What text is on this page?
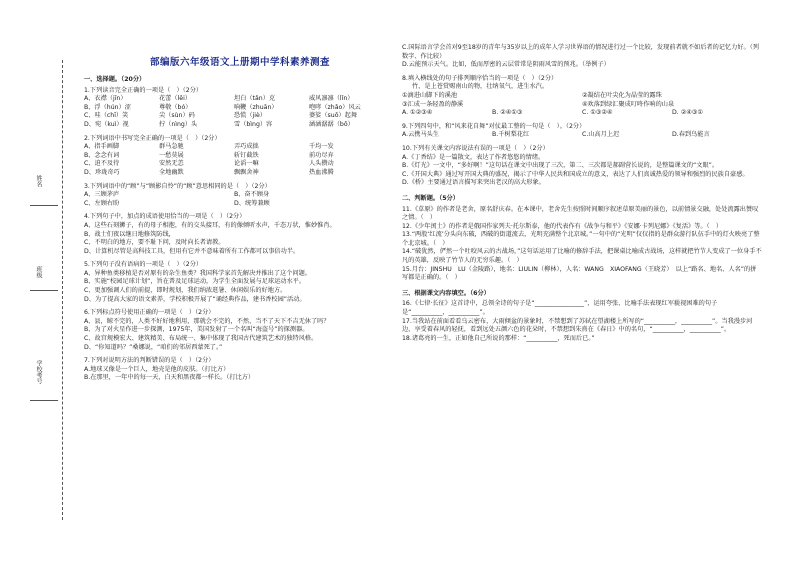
姓名
班级
学校考号
部编版六年级语文上册期中学科素养测查
一、选择题。（20分）

1.下列读音完全正确的一项是（　）（2分）

A、衣襟（jīn）	花蕾（lěi）	坦白（tǎn）克	威风凛凛（lǐn）
B、浮（hún）涩	尊敬（bó）	响鞭（zhuān）	咆哮（zhǎo）风云
C、哇（chī）笑	尖（sùn）码	恐慌（jiè）	婆娑（suō）起舞
D、宛（kuì）视	拧（nìng）头	雪（bìng）容	涵涵潺潺（bō）

2.下列词语中书写完全正确的一项是（　）（2分）

A、指手画脚	群马急驰	弄巧成拙	千均一发
B、念念有词	一愁莫展	斩钉截铁	前功尽弃
C、迫不及待	安然无恙	论滔一嘛	人头攒动
D、珍珑奇巧	全地幽默	飘飘舍神	热血沸腾

3.下列词语中的“顾”与“顾影自怜”的“顾”意思相同的是（　）（2分）

A、三顾茅庐	B、奋不顾身
C、左顾右盼	D、统筹兼顾

4.下列句子中，加点的成语使用恰当的一项是（　）（2分）

A、这些石刻狮子，有的母子相抱，有的交头接耳，有的像倾听水声，千态万状，惟妙惟肖。

B、战士们夜以继日地修筑防线，

C、不明白的地方，要不耻下问，及时向长者请教。

D、计算机尽管是高科技工具，但用有它并不意味着所有工作都可以事倍功半。

5.下列句子没有语病的一项是（　）（2分）

A、异种鱼类移植是否对原有的杂生鱼类？我国科学家首先解决并推出了这个问题。

B、实施“校园足球计划”，旨在普及足球运动，为学生全面发展与足球运动水平。

C、更加强调人们的前提，即时规划，我们纳浓逛暑、休闲娱乐的好地方。

D、为了提高大家的语文素养，学校积极开展了“诵经典作品，建书香校园”活动。

6.下列标点符号使用正确的一项是（　）（2分）

A、县，鲸不完的，人类不好好地利用，那就会不完的，不然，当不了天下不吉无休了吗？

B、为了对火星作进一步探测，1975年，美国发射了一个名叫“海盗号”的探测器。

C、故宫规模宏大、建筑精美、布局统一、集中体现了我国古代建筑艺术的独特风格。

D、“你知道吗？”桑娜说，“咱们的邻居西蒙死了。”

7.下列对说明方法的判断错误的是（　）（2分）

A.地球又像是一个巨人，地壳是他的皮肤。（打比方）

B.在那里，一年中的每一天，白天和黑夜都一样长。（打比方）

C.国际语言学会首对9至18岁的青年与35岁以上的成年人学习世界语的情况进行过一个比较，发现前者就不如后者的记忆力好。（列数字、作比较）

D.云能预示天气。比如，低而厚密的云层常常是阴雨风雪的预兆。（举例子）

8.填入横线处的句子排列顺序恰当的一项是（　）（2分）

竹，是上苍赏赐南山的物，壮纳氧气，进生水汽。

①滴进山脚下的溪池	②凝结在叶尖化为晶莹的露珠
③汇成一条轻盈的静溪	④欢落到绿汇聚成叮咚作响的山泉
A. ①②③④	B. ②④①③	C. ①③②④	D. ②④③①

9.下列四句中，和“风来花自舞”对仗最工整的一句是（　）。（2分）

A.云携马头生	B.千树梨花红	C.山高月上迟	D.春到鸟能言

10.下列有关课文内容说法有误的一项是（　）（2分）

A.《丁香结》是一篇散文，表达了作者悠悠的情绪。

B.《灯光》一文中，“多好啊！”这句话在课文中出现了三次，第二、三次都是郝副营长说的，是整篇课文的“文眼”。

C.《开国大典》通过写开国大典的盛况，揭示了中华人民共和国成立的意义，表达了人们真诚热爱的领导和强烈的民族自豪感。

D.《桥》主要通过语言描写来突出老汉的高大形象。

二、判断题。（5分）

11.《草原》的作者是老舍，原名舒庆春。在本课中，老舍先生按照时间顺序叙述草原美丽的景色，以前情景交融，处处流露出赞叹之情。（　）

12.《少年闰土》的作者是俄国作家列夫·托尔斯泰，他的代表作有《战争与和平》《安娜·卡列尼娜》《复活》等。（　）

13.“两股‘红流’分头向东破，西破的街道流去，光明充满整个北京城。”一句中的“光明”仅仅指的是群众游行队伍手中的灯火映亮了整个北京城。（　）

14.“破犹然，俨然一个吐咬风云的古战场，”这句话运用了比喻的修辞手法，把课桌比喻成古战场，这样就把竹节人变成了一位身手不凡的英雄，反映了竹节人的无穷乐趣。（　）

15.月台：JINSHU　LU（金陵路），地名：LIULIN（柳林），人名：WANG　XIAOFANG（王晓芳）　以上“路名、地名、人名”的拼写都是正确的。（　）

三、根据课文内容填空。（6分）

16.《七律·长征》这首诗中，总领全诗的句子是“________________”，运用夸张、比喻手法表现红军藐视困难的句子是“__________，__________”。

17.当我站在前面看看乌云密布，大雨倾盆的景象时，不禁想到了苏轼在望湖楼上所写的“__________，__________”。当我漫步河边，享受着春风的轻抚，看到远处五颜六色的花朵时，不禁想到朱熹在《春日》中的名句，“__________，__________”。

18.诸葛亮的一生，正如他自己所说的那样：“__________，死而后已。”
